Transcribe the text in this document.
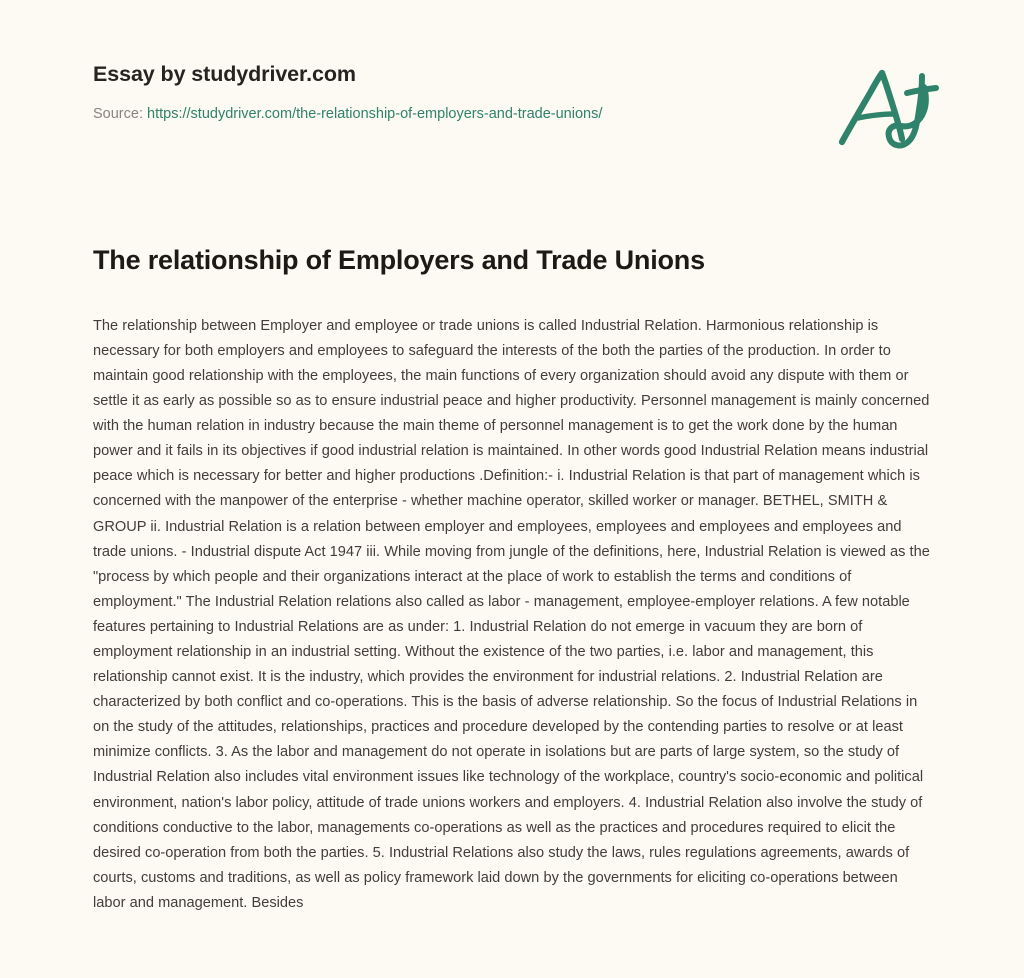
Essay by studydriver.com
Source: https://studydriver.com/the-relationship-of-employers-and-trade-unions/
The relationship of Employers and Trade Unions

The relationship between Employer and employee or trade unions is called Industrial Relation. Harmonious relationship is necessary for both employers and employees to safeguard the interests of the both the parties of the production. In order to maintain good relationship with the employees, the main functions of every organization should avoid any dispute with them or settle it as early as possible so as to ensure industrial peace and higher productivity. Personnel management is mainly concerned with the human relation in industry because the main theme of personnel management is to get the work done by the human power and it fails in its objectives if good industrial relation is maintained. In other words good Industrial Relation means industrial peace which is necessary for better and higher productions .Definition:- i. Industrial Relation is that part of management which is concerned with the manpower of the enterprise - whether machine operator, skilled worker or manager. BETHEL, SMITH & GROUP ii. Industrial Relation is a relation between employer and employees, employees and employees and employees and trade unions. - Industrial dispute Act 1947 iii. While moving from jungle of the definitions, here, Industrial Relation is viewed as the "process by which people and their organizations interact at the place of work to establish the terms and conditions of employment." The Industrial Relation relations also called as labor - management, employee-employer relations. A few notable features pertaining to Industrial Relations are as under: 1. Industrial Relation do not emerge in vacuum they are born of employment relationship in an industrial setting. Without the existence of the two parties, i.e. labor and management, this relationship cannot exist. It is the industry, which provides the environment for industrial relations. 2. Industrial Relation are characterized by both conflict and co-operations. This is the basis of adverse relationship. So the focus of Industrial Relations in on the study of the attitudes, relationships, practices and procedure developed by the contending parties to resolve or at least minimize conflicts. 3. As the labor and management do not operate in isolations but are parts of large system, so the study of Industrial Relation also includes vital environment issues like technology of the workplace, country's socio-economic and political environment, nation's labor policy, attitude of trade unions workers and employers. 4. Industrial Relation also involve the study of conditions conductive to the labor, managements co-operations as well as the practices and procedures required to elicit the desired co-operation from both the parties. 5. Industrial Relations also study the laws, rules regulations agreements, awards of courts, customs and traditions, as well as policy framework laid down by the governments for eliciting co-operations between labor and management. Besides
